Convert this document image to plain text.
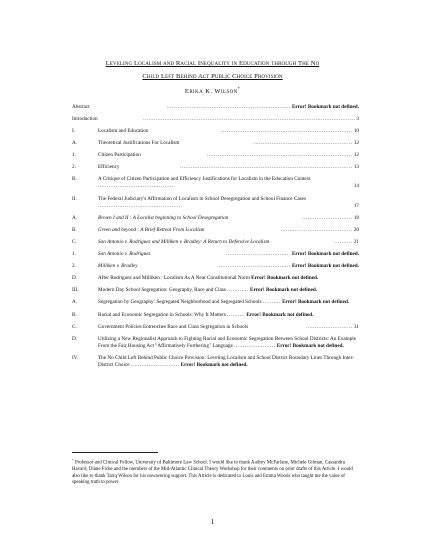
Leveling Localism and Racial Inequality in Education through The No
Child Left Behind Act Public Choice Provision
Erika K. Wilson*
Abstract	..................................................................... Error! Bookmark not defined.
Introduction	...................................................................................................................... 3
I.	Localism and Education	......................................................................... 10
A.	Theoretical Justifications For Localism	....................................................... 12
1.	Citizen Participation	................................................................................. 12
2.	Efficiency	................................................................................................ 13
B.	A Critique of Citizen Participation and Efficiency Justifications for Localism in the Education Context ..........................................	14
II.	The Federal Judiciary's Affirmation of Localism in School Desegregation and School Finance Cases ...............................................	17
A.	Brown I and II : A Localist beginning to School Desegregation	............................ 18
B.	Green and beyond : A Brief Retreat From Localism	........................................ 20
C.	San Antonio v. Rodriguez and Milliken v. Bradley: A Return to Defensive Localism	.......... 21
1.	San Antonio v. Rodriguez	.................................... Error! Bookmark not defined.
2.	Milliken v. Bradley	........................................ Error! Bookmark not defined.
D.	After Rodriguez and Milliken : Localism As A Near Constitutional Norm Error! Bookmark not defined.
III.	Modern Day School Segregation: Geography, Race and Class ............ Error! Bookmark not defined.
A.	Segregation by Geography: Segregated Neighborhood and Segregated Schools .......... Error! Bookmark not defined.
B.	Racial and Economic Segregation in Schools: Why It Matters .......... Error! Bookmark not defined.
C.	Government Policies Entrenches Race and Class Segregation in Schools	.......................... 31
D.	Utilizing a New Regionalist Approach to Fighting Racial and Economic Segregation Between School Districts: An Example From the Fair Housing Act "Affirmatively Furthering" Language ....................... Error! Bookmark not defined.
IV.	The No Child Left Behind Public Choice Provision: Leveling Localism and School District Boundary Lines Through Inter-District Choice ........................... Error! Bookmark not defined.
* Professor and Clinical Fellow, University of Baltimore Law School. I would like to thank Audrey McFarlane, Michele Gilman, Cassandra Havard, Diane Fiche and the members of the Mid-Atlantic Clinical Theory Workshop for their comments on prior drafts of this Article. I would also like to thank Tariq Wilson for his unwavering support. This Article is dedicated to Louis and Emma Woods who taught me the value of speaking truth to power.
1
